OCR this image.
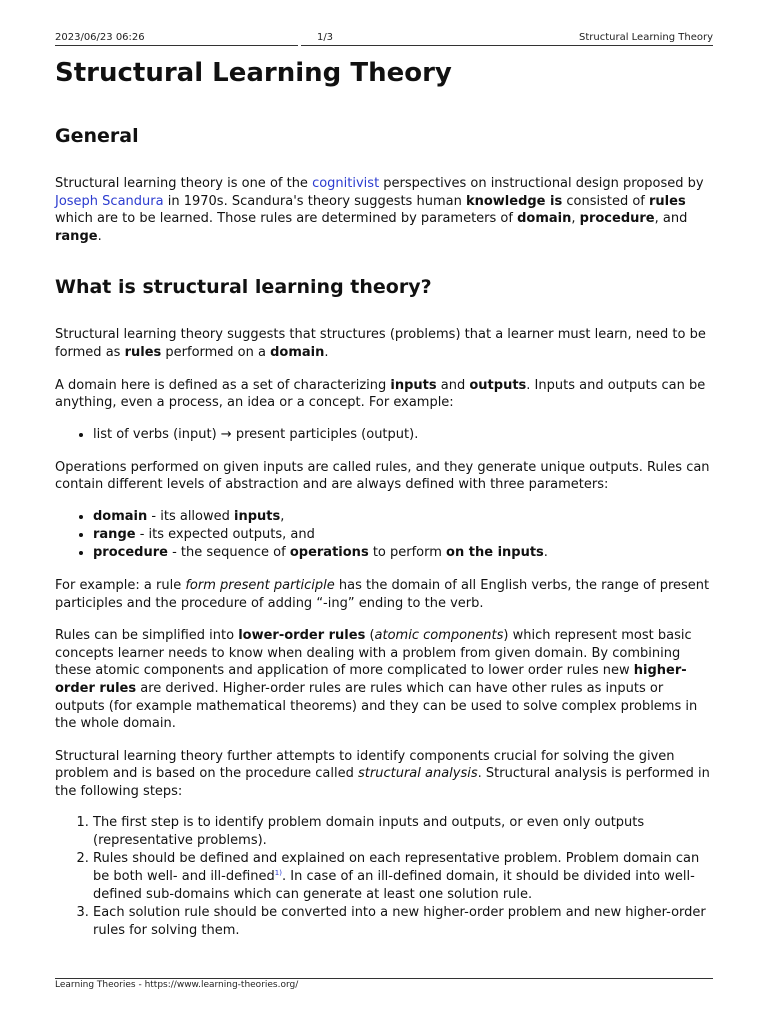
2023/06/23 06:26	1/3	Structural Learning Theory
Structural Learning Theory
General

Structural learning theory is one of the cognitivist perspectives on instructional design proposed by Joseph Scandura in 1970s. Scandura's theory suggests human knowledge is consisted of rules which are to be learned. Those rules are determined by parameters of domain, procedure, and range.

What is structural learning theory?

Structural learning theory suggests that structures (problems) that a learner must learn, need to be formed as rules performed on a domain.

A domain here is defined as a set of characterizing inputs and outputs. Inputs and outputs can be anything, even a process, an idea or a concept. For example:

• list of verbs (input) → present participles (output).

Operations performed on given inputs are called rules, and they generate unique outputs. Rules can contain different levels of abstraction and are always defined with three parameters:

• domain - its allowed inputs,
• range - its expected outputs, and
• procedure - the sequence of operations to perform on the inputs.

For example: a rule form present participle has the domain of all English verbs, the range of present participles and the procedure of adding “-ing” ending to the verb.

Rules can be simplified into lower-order rules (atomic components) which represent most basic concepts learner needs to know when dealing with a problem from given domain. By combining these atomic components and application of more complicated to lower order rules new higher-order rules are derived. Higher-order rules are rules which can have other rules as inputs or outputs (for example mathematical theorems) and they can be used to solve complex problems in the whole domain.

Structural learning theory further attempts to identify components crucial for solving the given problem and is based on the procedure called structural analysis. Structural analysis is performed in the following steps:

1. The first step is to identify problem domain inputs and outputs, or even only outputs (representative problems).
2. Rules should be defined and explained on each representative problem. Problem domain can be both well- and ill-defined$^{1)}$. In case of an ill-defined domain, it should be divided into well-defined sub-domains which can generate at least one solution rule.
3. Each solution rule should be converted into a new higher-order problem and new higher-order rules for solving them.
Learning Theories - https://www.learning-theories.org/
